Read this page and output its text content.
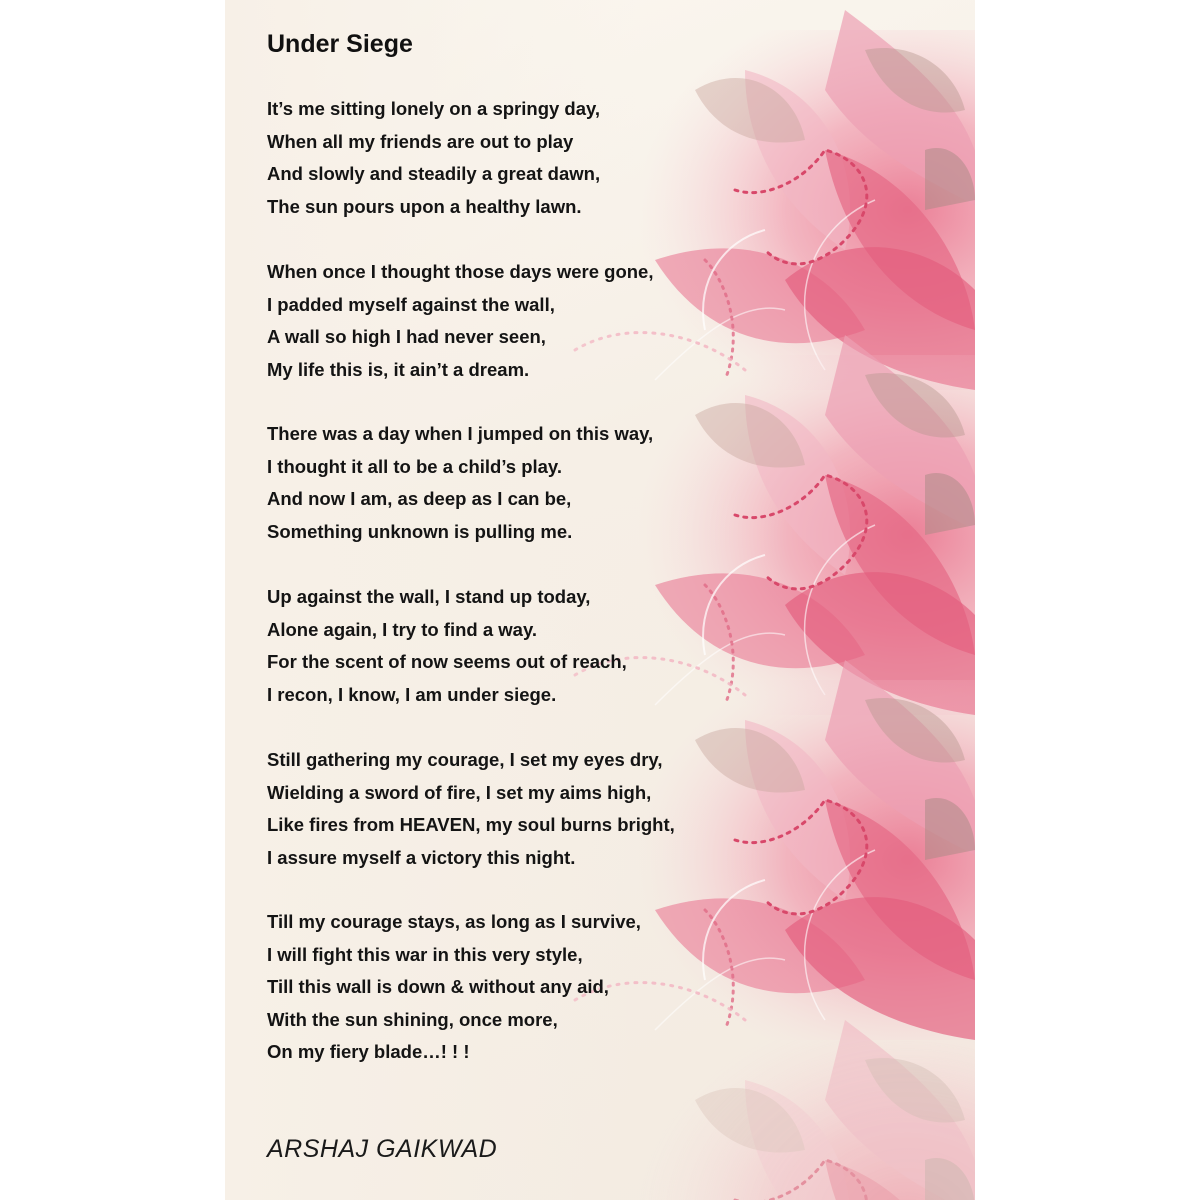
Under Siege
It’s me sitting lonely on a springy day,
When all my friends are out to play
And slowly and steadily a great dawn,
The sun pours upon a healthy lawn.
When once I thought those days were gone,
I padded myself against the wall,
A wall so high I had never seen,
My life this is, it ain’t a dream.
There was a day when I jumped on this way,
I thought it all to be a child’s play.
And now I am, as deep as I can be,
Something unknown is pulling me.
Up against the wall, I stand up today,
Alone again, I try to find a way.
For the scent of now seems out of reach,
I recon, I know, I am under siege.
Still gathering my courage, I set my eyes dry,
Wielding a sword of fire, I set my aims high,
Like fires from HEAVEN, my soul burns bright,
I assure myself a victory this night.
Till my courage stays, as long as I survive,
I will fight this war in this very style,
Till this wall is down & without any aid,
With the sun shining, once more,
On my fiery blade…! ! !
ARSHAJ GAIKWAD
